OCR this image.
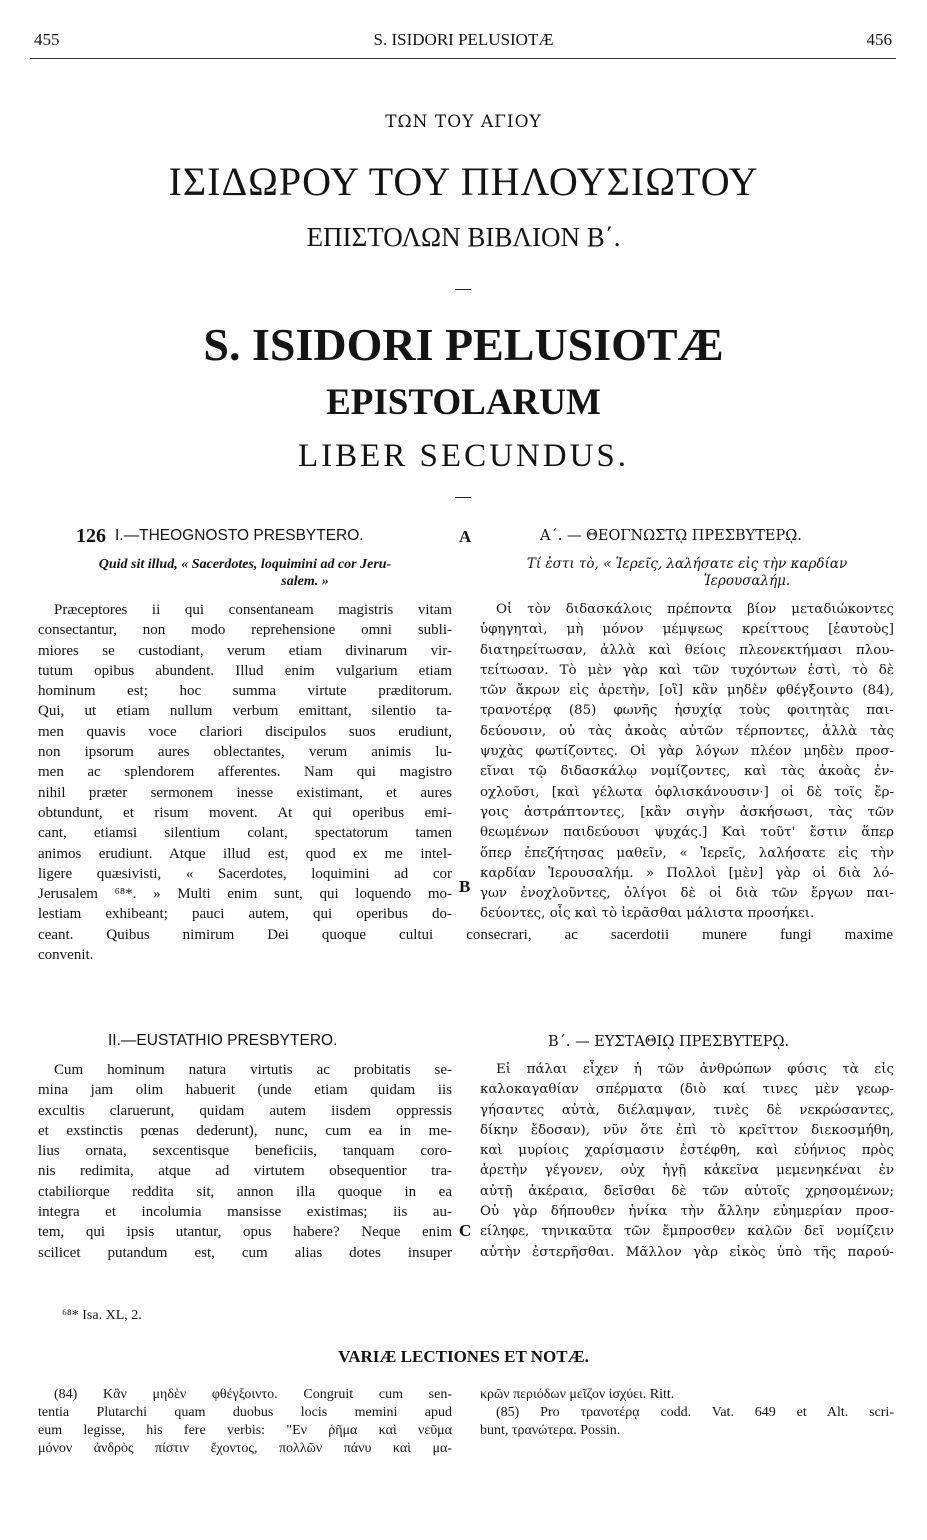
455	S. ISIDORI PELUSIOTÆ	456
ΤΩΝ ΤΟΥ ΑΓΙΟΥ
ΙΣΙΔΩΡΟΥ ΤΟΥ ΠΗΛΟΥΣΙΩΤΟΥ
ΕΠΙΣΤΟΛΩΝ ΒΙΒΛΙΟΝ Β΄.
S. ISIDORI PELUSIOTÆ
EPISTOLARUM
LIBER SECUNDUS.
126	A
B
C
I.—THEOGNOSTO PRESBYTERO.
Quid sit illud, « Sacerdotes, loquimini ad cor Jeru-
salem. »
Præceptores ii qui consentaneam magistris vitam
consectantur, non modo reprehensione omni subli-
miores se custodiant, verum etiam divinarum vir-
tutum opibus abundent. Illud enim vulgarium etiam
hominum est; hoc summa virtute præditorum.
Qui, ut etiam nullum verbum emittant, silentio ta-
men quavis voce clariori discipulos suos erudiunt,
non ipsorum aures oblectantes, verum animis lu-
men ac splendorem afferentes. Nam qui magistro
nihil præter sermonem inesse existimant, et aures
obtundunt, et risum movent. At qui operibus emi-
cant, etiamsi silentium colant, spectatorum tamen
animos erudiunt. Atque illud est, quod ex me intel-
ligere quæsivisti, « Sacerdotes, loquimini ad cor
Jerusalem ⁶⁸*. » Multi enim sunt, qui loquendo mo-
lestiam exhibeant; pauci autem, qui operibus do-
ceant. Quibus nimirum Dei quoque cultui consecrari, ac sacerdotii munere fungi maxime
convenit.
Α΄. — ΘΕΟΓΝΩΣΤῼ ΠΡΕΣΒΥΤΕΡῼ.
Τί ἐστι τὸ, « Ἱερεῖς, λαλήσατε εἰς τὴν καρδίαν
Ἱερουσαλήμ.
Οἱ τὸν διδασκάλοις πρέποντα βίον μεταδιώκοντες
ὑφηγηταὶ, μὴ μόνον μέμψεως κρείττους [ἑαυτοὺς]
διατηρείτωσαν, ἀλλὰ καὶ θείοις πλεονεκτήμασι πλου-
τείτωσαν. Τὸ μὲν γὰρ καὶ τῶν τυχόντων ἐστὶ, τὸ δὲ
τῶν ἄκρων εἰς ἀρετὴν, [οἳ] κἂν μηδὲν φθέγξοιντο (84),
τρανοτέρᾳ (85) φωνῆς ἡσυχίᾳ τοὺς φοιτητὰς παι-
δεύουσιν, οὐ τὰς ἀκοὰς αὐτῶν τέρποντες, ἀλλὰ τὰς
ψυχὰς φωτίζοντες. Οἱ γὰρ λόγων πλέον μηδὲν προσ-
εῖναι τῷ διδασκάλῳ νομίζοντες, καὶ τὰς ἀκοὰς ἐν-
οχλοῦσι, [καὶ γέλωτα ὀφλισκάνουσιν·] οἱ δὲ τοῖς ἔρ-
γοις ἀστράπτοντες, [κἂν σιγὴν ἀσκήσωσι, τὰς τῶν
θεωμένων παιδεύουσι ψυχάς.] Καὶ τοῦτ' ἔστιν ἅπερ
ὅπερ ἐπεζήτησας μαθεῖν, « Ἱερεῖς, λαλήσατε εἰς τὴν
καρδίαν Ἱερουσαλήμ. » Πολλοὶ [μὲν] γὰρ οἱ διὰ λό-
γων ἐνοχλοῦντες, ὀλίγοι δὲ οἱ διὰ τῶν ἔργων παι-
δεύοντες, οἷς καὶ τὸ ἱερᾶσθαι μάλιστα προσήκει.
II.—EUSTATHIO PRESBYTERO.
Cum hominum natura virtutis ac probitatis se-
mina jam olim habuerit (unde etiam quidam iis
excultis claruerunt, quidam autem iisdem oppressis
et exstinctis pœnas dederunt), nunc, cum ea in me-
lius ornata, sexcentisque beneficiis, tanquam coro-
nis redimita, atque ad virtutem obsequentior tra-
ctabiliorque reddita sit, annon illa quoque in ea
integra et incolumia mansisse existimas; iis au-
tem, qui ipsis utantur, opus habere? Neque enim
scilicet putandum est, cum alias dotes insuper
Β΄. — ΕΥΣΤΑΘΙῼ ΠΡΕΣΒΥΤΕΡῼ.
Εἰ πάλαι εἶχεν ἡ τῶν ἀνθρώπων φύσις τὰ εἰς
καλοκαγαθίαν σπέρματα (διὸ καί τινες μὲν γεωρ-
γήσαντες αὐτὰ, διέλαμψαν, τινὲς δὲ νεκρώσαντες,
δίκην ἔδοσαν), νῦν ὅτε ἐπὶ τὸ κρεῖττον διεκοσμήθη,
καὶ μυρίοις χαρίσμασιν ἐστέφθη, καὶ εὐήνιος πρὸς
ἀρετὴν γέγονεν, οὐχ ἡγῇ κἀκεῖνα μεμενηκέναι ἐν
αὐτῇ ἀκέραια, δεῖσθαι δὲ τῶν αὐτοῖς χρησομένων;
Οὐ γὰρ δήπουθεν ἡνίκα τὴν ἄλλην εὐημερίαν προσ-
είληφε, τηνικαῦτα τῶν ἔμπροσθεν καλῶν δεῖ νομίζειν
αὐτὴν ἐστερῆσθαι. Μᾶλλον γὰρ εἰκὸς ὑπὸ τῆς παρού-
⁶⁸* Isa. XL, 2.
VARIÆ LECTIONES ET NOTÆ.
(84) Κἂν μηδὲν φθέγξοιντο. Congruit cum sen-
tentia Plutarchi quam duobus locis memini apud
eum legisse, his fere verbis: "Εν ῥῆμα καὶ νεῦμα
μόνον ἀνδρὸς πίστιν ἔχοντος, πολλῶν πάνυ καὶ μα-
κρῶν περιόδων μεῖζον ἰσχύει. Ritt.
(85) Pro τρανοτέρᾳ codd. Vat. 649 et Alt. scri-
bunt, τρανώτερα. Possin.
